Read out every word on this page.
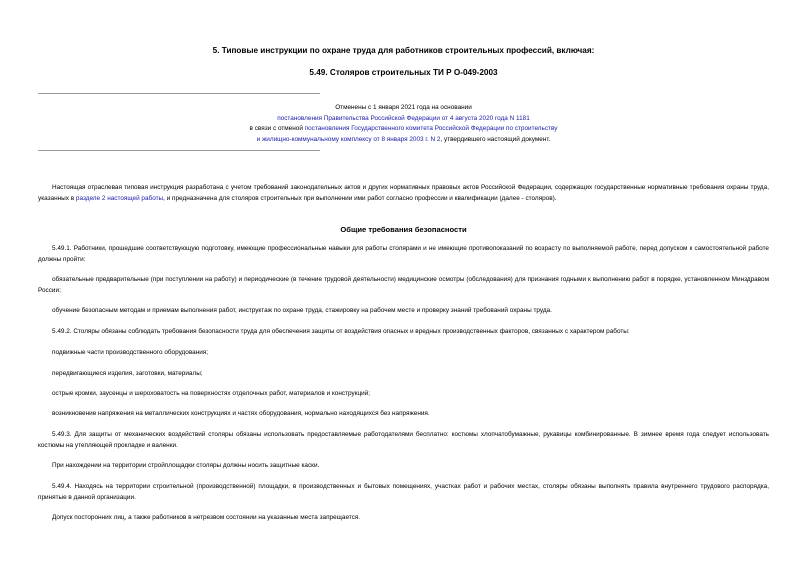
5. Типовые инструкции по охране труда для работников строительных профессий, включая:
5.49. Столяров строительных ТИ Р О-049-2003
Отменены с 1 января 2021 года на основании
постановления Правительства Российской Федерации от 4 августа 2020 года N 1181
в связи с отменой постановления Государственного комитета Российской Федерации по строительству
и жилищно-коммунальному комплексу от 8 января 2003 г. N 2, утвердившего настоящий документ.
Настоящая отраслевая типовая инструкция разработана с учетом требований законодательных актов и других нормативных правовых актов Российской Федерации, содержащих государственные нормативные требования охраны труда, указанных в разделе 2 настоящей работы, и предназначена для столяров строительных при выполнении ими работ согласно профессии и квалификации (далее - столяров).
Общие требования безопасности
5.49.1. Работники, прошедшие соответствующую подготовку, имеющие профессиональные навыки для работы столярами и не имеющие противопоказаний по возрасту по выполняемой работе, перед допуском к самостоятельной работе должны пройти:
обязательные предварительные (при поступлении на работу) и периодические (в течение трудовой деятельности) медицинские осмотры (обследования) для признания годными к выполнению работ в порядке, установленном Минздравом России;
обучение безопасным методам и приемам выполнения работ, инструктаж по охране труда, стажировку на рабочем месте и проверку знаний требований охраны труда.
5.49.2. Столяры обязаны соблюдать требования безопасности труда для обеспечения защиты от воздействия опасных и вредных производственных факторов, связанных с характером работы:
подвижные части производственного оборудования;
передвигающиеся изделия, заготовки, материалы;
острые кромки, заусенцы и шероховатость на поверхностях отделочных работ, материалов и конструкций;
возникновение напряжения на металлических конструкциях и частях оборудования, нормально находящихся без напряжения.
5.49.3. Для защиты от механических воздействий столяры обязаны использовать предоставляемые работодателями бесплатно: костюмы хлопчатобумажные, рукавицы комбинированные. В зимнее время года следует использовать костюмы на утепляющей прокладке и валенки.
При нахождении на территории стройплощадки столяры должны носить защитные каски.
5.49.4. Находясь на территории строительной (производственной) площадки, в производственных и бытовых помещениях, участках работ и рабочих местах, столяры обязаны выполнять правила внутреннего трудового распорядка, принятые в данной организации.
Допуск посторонних лиц, а также работников в нетрезвом состоянии на указанные места запрещается.
